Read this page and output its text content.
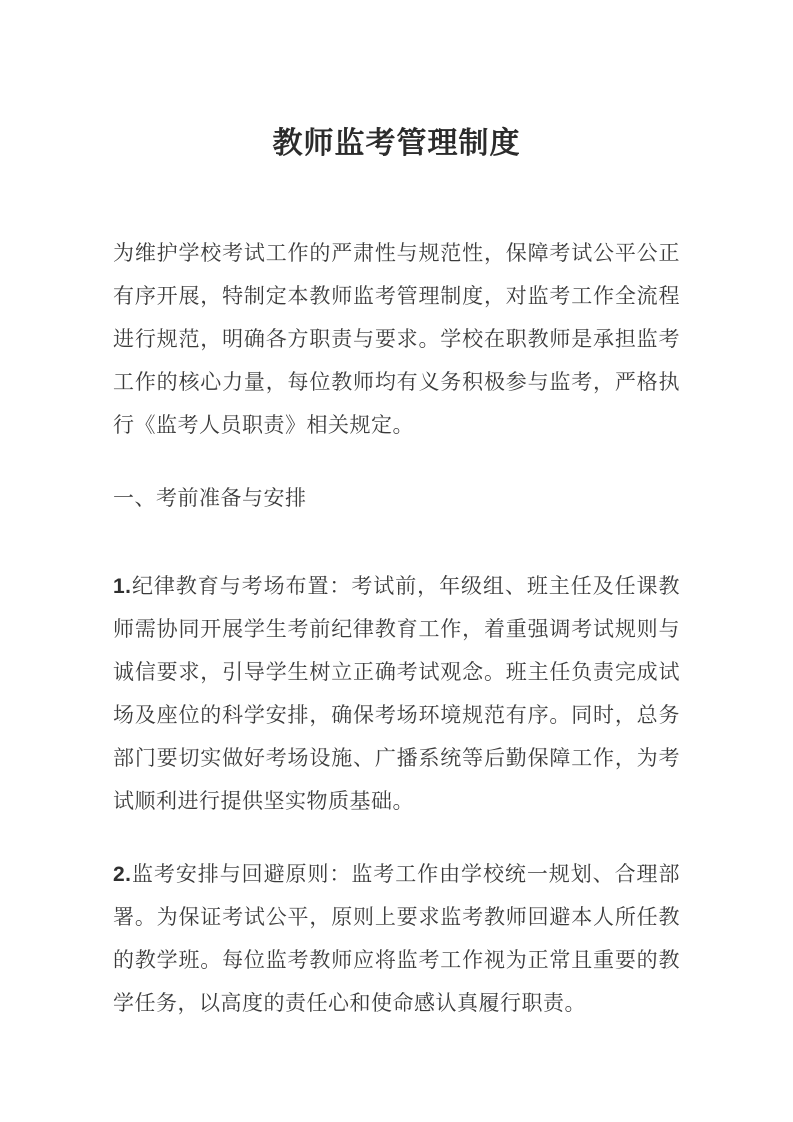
教师监考管理制度

为维护学校考试工作的严肃性与规范性，保障考试公平公正有序开展，特制定本教师监考管理制度，对监考工作全流程进行规范，明确各方职责与要求。学校在职教师是承担监考工作的核心力量，每位教师均有义务积极参与监考，严格执行《监考人员职责》相关规定。

一、考前准备与安排

1.纪律教育与考场布置：考试前，年级组、班主任及任课教师需协同开展学生考前纪律教育工作，着重强调考试规则与诚信要求，引导学生树立正确考试观念。班主任负责完成试场及座位的科学安排，确保考场环境规范有序。同时，总务部门要切实做好考场设施、广播系统等后勤保障工作，为考试顺利进行提供坚实物质基础。

2.监考安排与回避原则：监考工作由学校统一规划、合理部署。为保证考试公平，原则上要求监考教师回避本人所任教的教学班。每位监考教师应将监考工作视为正常且重要的教学任务，以高度的责任心和使命感认真履行职责。
